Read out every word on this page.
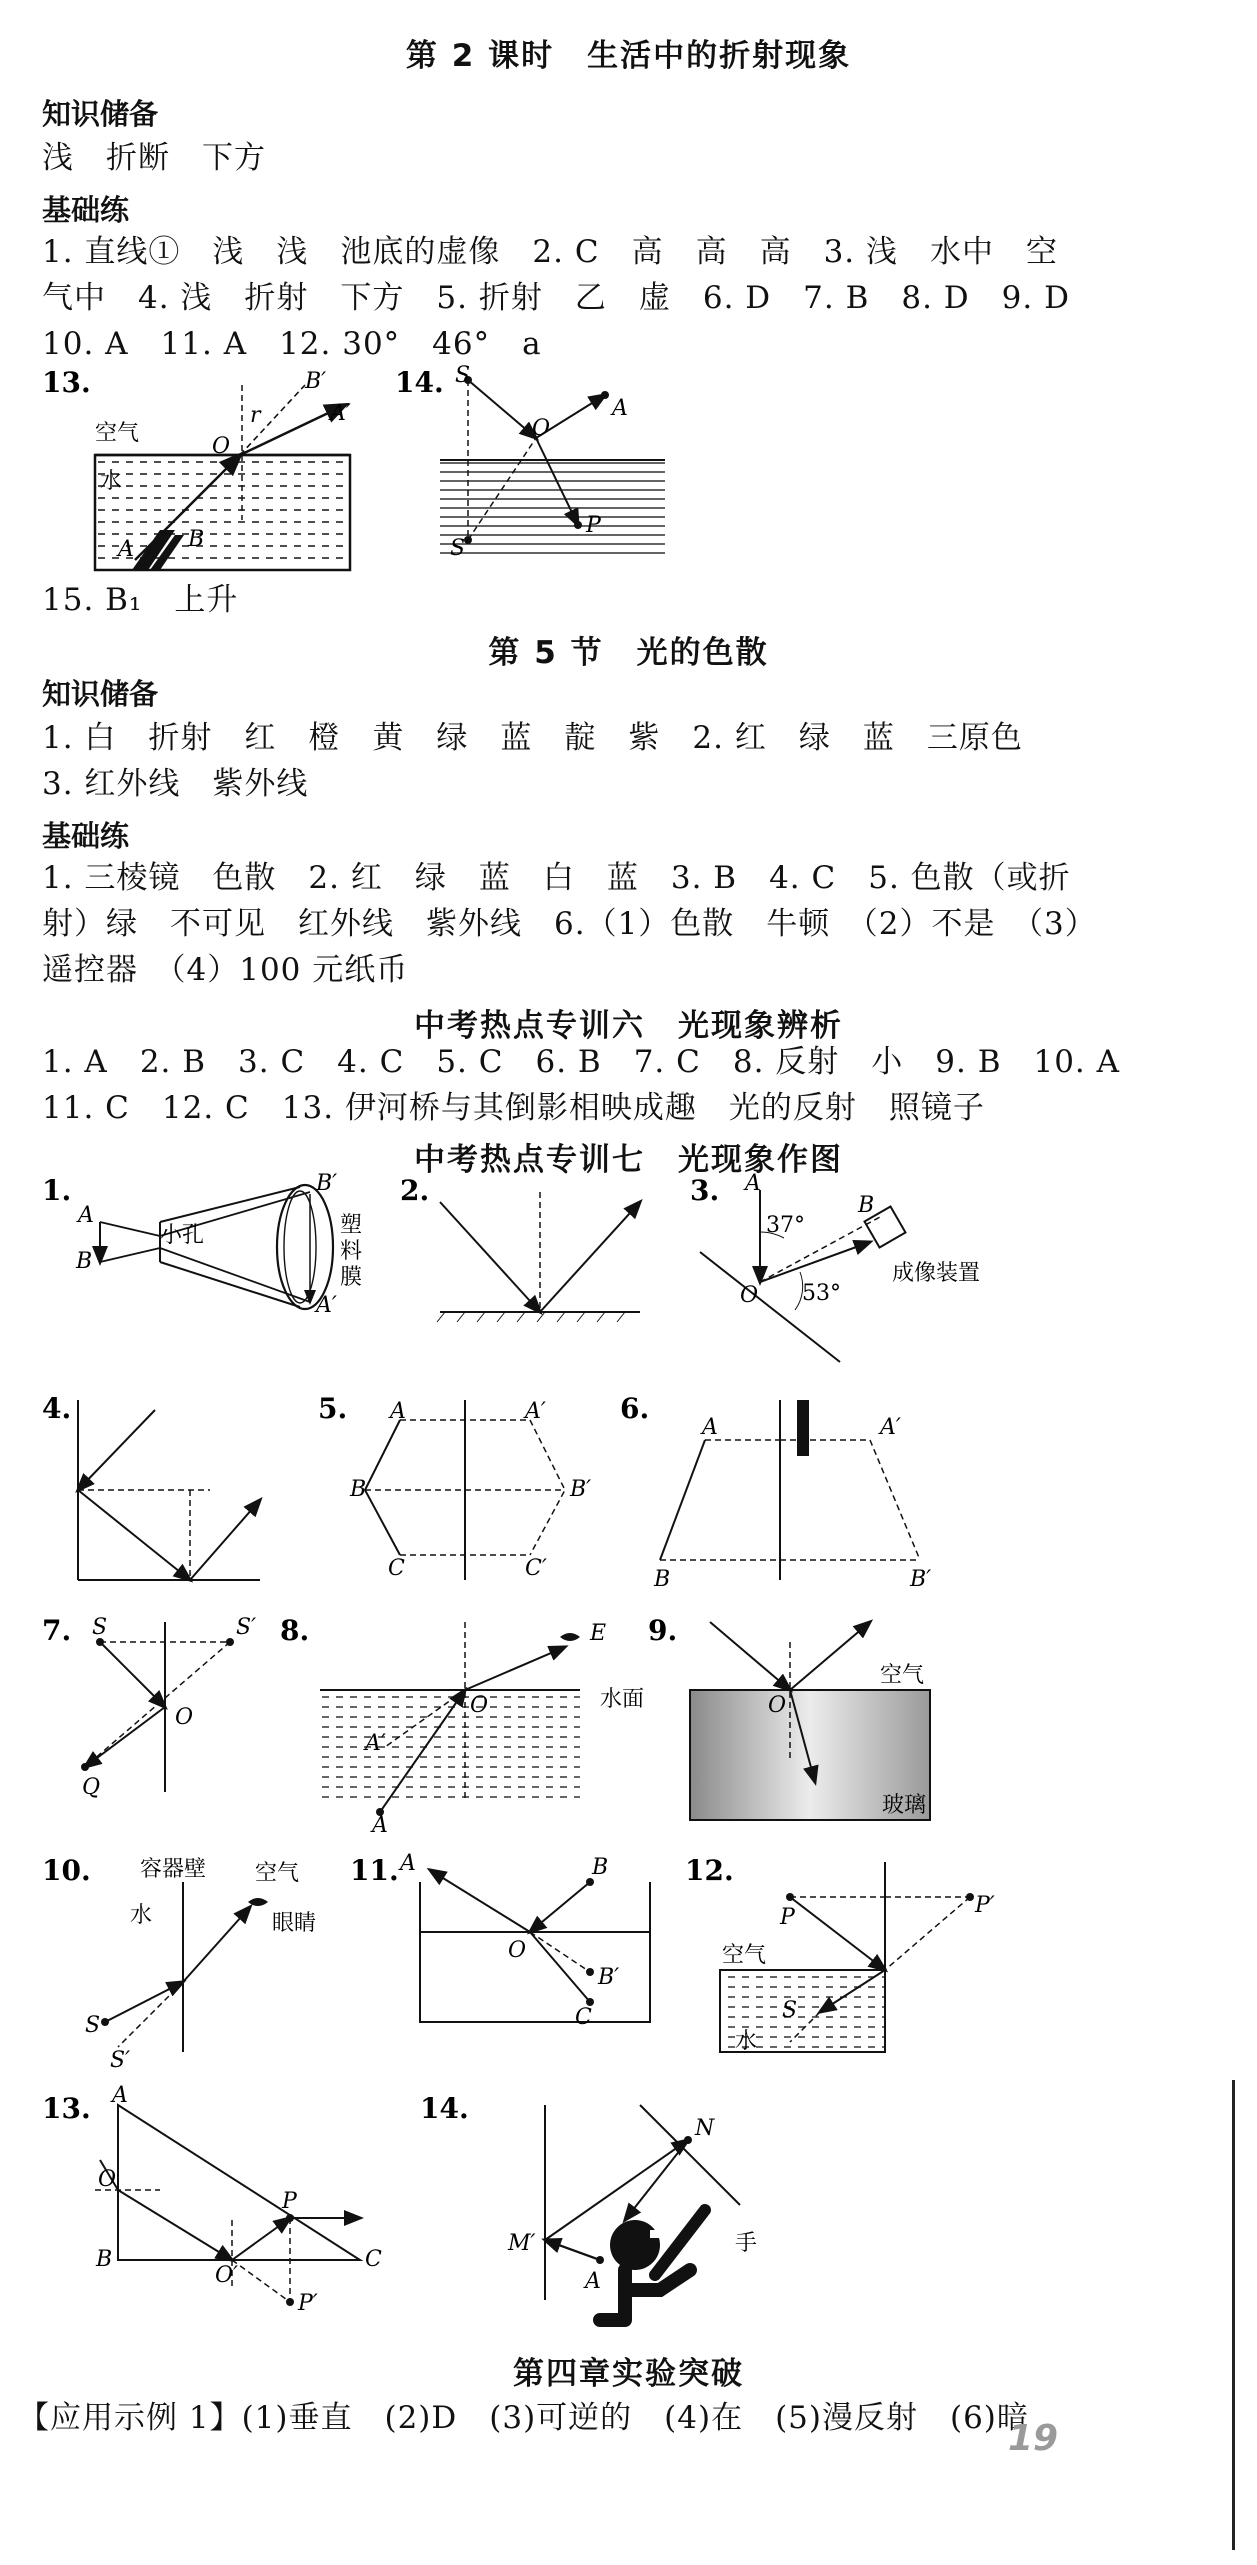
第 2 课时　生活中的折射现象
知识储备
浅　折断　下方
基础练
1. 直线①　浅　浅　池底的虚像　2. C　高　高　高　3. 浅　水中　空
气中　4. 浅　折射　下方　5. 折射　乙　虚　6. D　7. B　8. D　9. D
10. A　11. A　12. 30°　46°　a
13.
空气
水
O
r
B′
A′
A B
14. S
A
O
P
S′
15. B₁　上升
第 5 节　光的色散
知识储备
1. 白　折射　红　橙　黄　绿　蓝　靛　紫　2. 红　绿　蓝　三原色
3. 红外线　紫外线
基础练
1. 三棱镜　色散　2. 红　绿　蓝　白　蓝　3. B　4. C　5. 色散（或折
射）绿　不可见　红外线　紫外线　6.（1）色散　牛顿　（2）不是　（3）
遥控器　（4）100 元纸币
中考热点专训六　光现象辨析
1. A　2. B　3. C　4. C　5. C　6. B　7. C　8. 反射　小　9. B　10. A
11. C　12. C　13. 伊河桥与其倒影相映成趣　光的反射　照镜子
中考热点专训七　光现象作图
1.
A
B
小孔
B′
A′
塑
料
膜
2.	3. A
37°
B
O 53°
成像装置
4.	5. A
B
C
A′
B′
C′
6.
A
B
A′
B′
7. S	S′
O
Q
8.	E
水面
O
A′
A
9.
空气
O
玻璃
10. 容器壁 空气
水	眼睛
S
S′
11. A	B
O
B′
C
12.
P	P′
空气
S
水
13. A
O
B
P
C
O′
P′
14.
N
M′
A
手
第四章实验突破
【应用示例 1】(1)垂直　(2)D　(3)可逆的　(4)在　(5)漫反射　(6)暗
19
